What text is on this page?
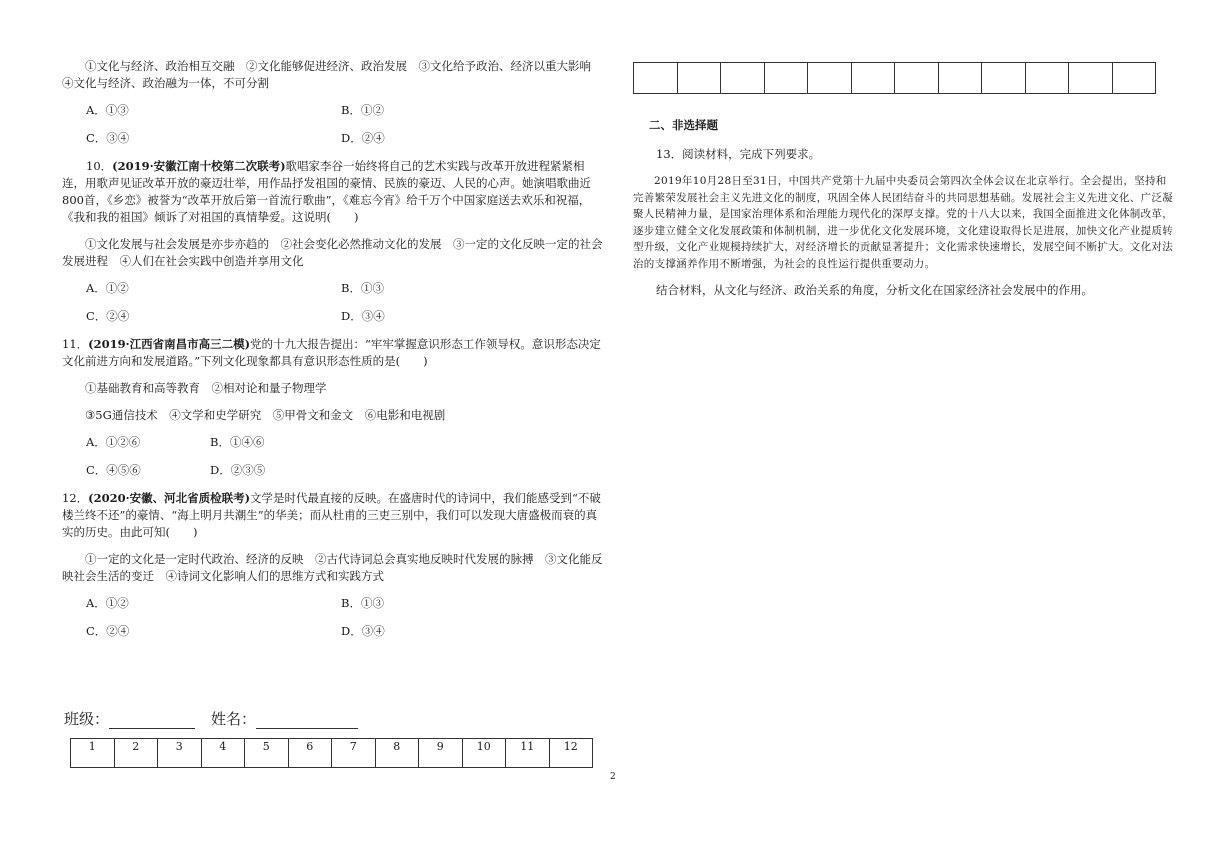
①文化与经济、政治相互交融　②文化能够促进经济、政治发展　③文化给予政治、经济以重大影响　④文化与经济、政治融为一体，不可分割

A．①③	B．①②
C．③④	D．②④

10．(2019·安徽江南十校第二次联考)歌唱家李谷一始终将自己的艺术实践与改革开放进程紧紧相连，用歌声见证改革开放的豪迈壮举，用作品抒发祖国的豪情、民族的豪迈、人民的心声。她演唱歌曲近800首，《乡恋》被誉为“改革开放后第一首流行歌曲”，《难忘今宵》给千万个中国家庭送去欢乐和祝福，《我和我的祖国》倾诉了对祖国的真情挚爱。这说明(　　)

①文化发展与社会发展是亦步亦趋的　②社会变化必然推动文化的发展　③一定的文化反映一定的社会发展进程　④人们在社会实践中创造并享用文化

A．①②	B．①③
C．②④	D．③④

11．(2019·江西省南昌市高三二模)党的十九大报告提出：“牢牢掌握意识形态工作领导权。意识形态决定文化前进方向和发展道路。”下列文化现象都具有意识形态性质的是(　　)

①基础教育和高等教育　②相对论和量子物理学

③5G通信技术　④文学和史学研究　⑤甲骨文和金文　⑥电影和电视剧

A．①②⑥	B．①④⑥
C．④⑤⑥	D．②③⑤

12．(2020·安徽、河北省质检联考)文学是时代最直接的反映。在盛唐时代的诗词中，我们能感受到“不破楼兰终不还”的豪情、“海上明月共潮生”的华美；而从杜甫的三吏三别中，我们可以发现大唐盛极而衰的真实的历史。由此可知(　　)

①一定的文化是一定时代政治、经济的反映　②古代诗词总会真实地反映时代发展的脉搏　③文化能反映社会生活的变迁　④诗词文化影响人们的思维方式和实践方式

A．①②	B．①③
C．②④	D．③④

二、非选择题

13．阅读材料，完成下列要求。

2019年10月28日至31日，中国共产党第十九届中央委员会第四次全体会议在北京举行。全会提出，坚持和完善繁荣发展社会主义先进文化的制度，巩固全体人民团结奋斗的共同思想基础。发展社会主义先进文化、广泛凝聚人民精神力量，是国家治理体系和治理能力现代化的深厚支撑。党的十八大以来，我国全面推进文化体制改革，逐步建立健全文化发展政策和体制机制，进一步优化文化发展环境，文化建设取得长足进展，加快文化产业提质转型升级，文化产业规模持续扩大，对经济增长的贡献显著提升；文化需求快速增长，发展空间不断扩大。文化对法治的支撑涵养作用不断增强，为社会的良性运行提供重要动力。

结合材料，从文化与经济、政治关系的角度，分析文化在国家经济社会发展中的作用。

班级：	姓名：
1	2	3	4	5	6	7	8	9	10	11	12
2
